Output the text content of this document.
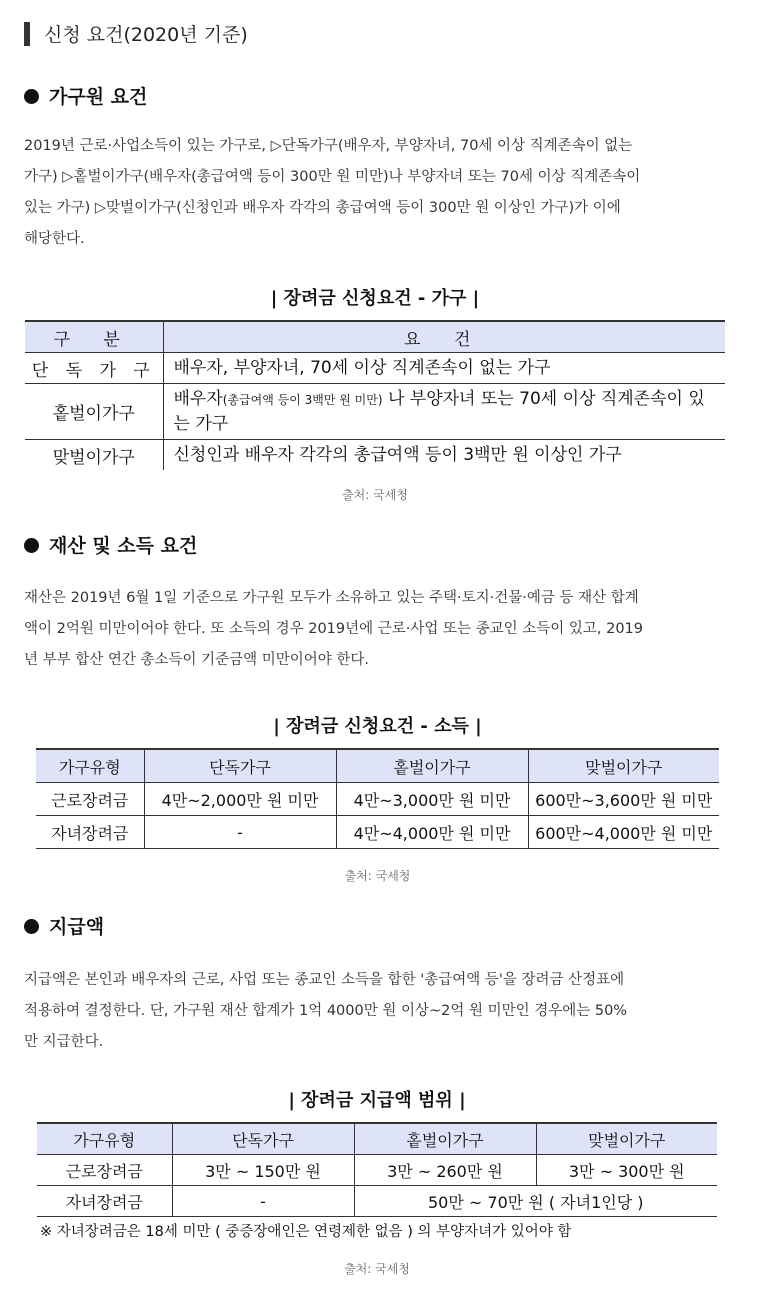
신청 요건(2020년 기준)
가구원 요건

2019년 근로·사업소득이 있는 가구로, ▷단독가구(배우자, 부양자녀, 70세 이상 직계존속이 없는

가구) ▷홑벌이가구(배우자(총급여액 등이 300만 원 미만)나 부양자녀 또는 70세 이상 직계존속이

있는 가구) ▷맞벌이가구(신청인과 배우자 각각의 총급여액 등이 300만 원 이상인 가구)가 이에

해당한다.

| 장려금 신청요건 - 가구 |
구 분	요 건
단 독 가 구	배우자, 부양자녀, 70세 이상 직계존속이 없는 가구
홑벌이가구	배우자(총급여액 등이 3백만 원 미만) 나 부양자녀 또는 70세 이상 직계존속이 있는 가구
맞벌이가구	신청인과 배우자 각각의 총급여액 등이 3백만 원 이상인 가구
출처: 국세청
재산 및 소득 요건

재산은 2019년 6월 1일 기준으로 가구원 모두가 소유하고 있는 주택·토지·건물·예금 등 재산 합계

액이 2억원 미만이어야 한다. 또 소득의 경우 2019년에 근로·사업 또는 종교인 소득이 있고, 2019

년 부부 합산 연간 총소득이 기준금액 미만이어야 한다.

| 장려금 신청요건 - 소득 |
가구유형	단독가구	홑벌이가구	맞벌이가구
근로장려금	4만~2,000만 원 미만	4만~3,000만 원 미만	600만~3,600만 원 미만
자녀장려금	-	4만~4,000만 원 미만	600만~4,000만 원 미만
출처: 국세청
지급액

지급액은 본인과 배우자의 근로, 사업 또는 종교인 소득을 합한 '총급여액 등'을 장려금 산정표에

적용하여 결정한다. 단, 가구원 재산 합계가 1억 4000만 원 이상~2억 원 미만인 경우에는 50%

만 지급한다.

| 장려금 지급액 범위 |
가구유형	단독가구	홑벌이가구	맞벌이가구
근로장려금	3만 ~ 150만 원	3만 ~ 260만 원	3만 ~ 300만 원
자녀장려금	-	50만 ~ 70만 원 ( 자녀1인당 )	
※ 자녀장려금은 18세 미만 ( 중증장애인은 연령제한 없음 ) 의 부양자녀가 있어야 함
출처: 국세청
